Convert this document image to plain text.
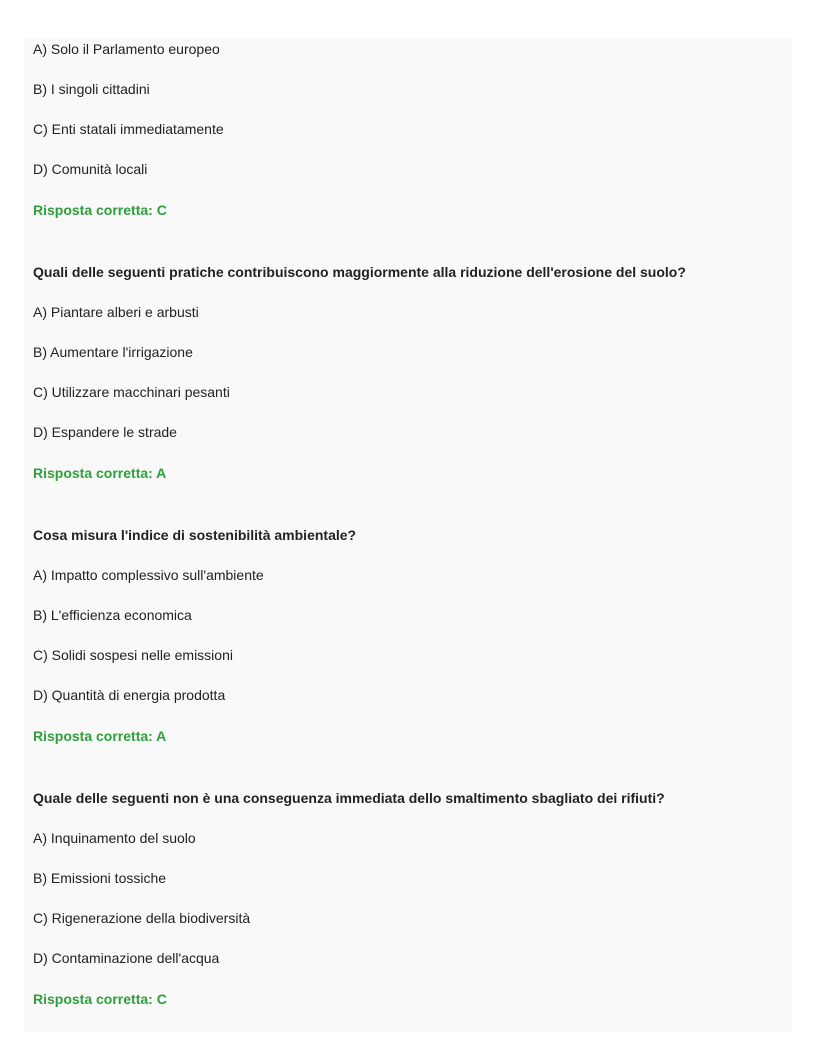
A) Solo il Parlamento europeo

B) I singoli cittadini

C) Enti statali immediatamente

D) Comunità locali

Risposta corretta: C

Quali delle seguenti pratiche contribuiscono maggiormente alla riduzione dell'erosione del suolo?

A) Piantare alberi e arbusti

B) Aumentare l'irrigazione

C) Utilizzare macchinari pesanti

D) Espandere le strade

Risposta corretta: A

Cosa misura l'indice di sostenibilità ambientale?

A) Impatto complessivo sull'ambiente

B) L'efficienza economica

C) Solidi sospesi nelle emissioni

D) Quantità di energia prodotta

Risposta corretta: A

Quale delle seguenti non è una conseguenza immediata dello smaltimento sbagliato dei rifiuti?

A) Inquinamento del suolo

B) Emissioni tossiche

C) Rigenerazione della biodiversità

D) Contaminazione dell'acqua

Risposta corretta: C
